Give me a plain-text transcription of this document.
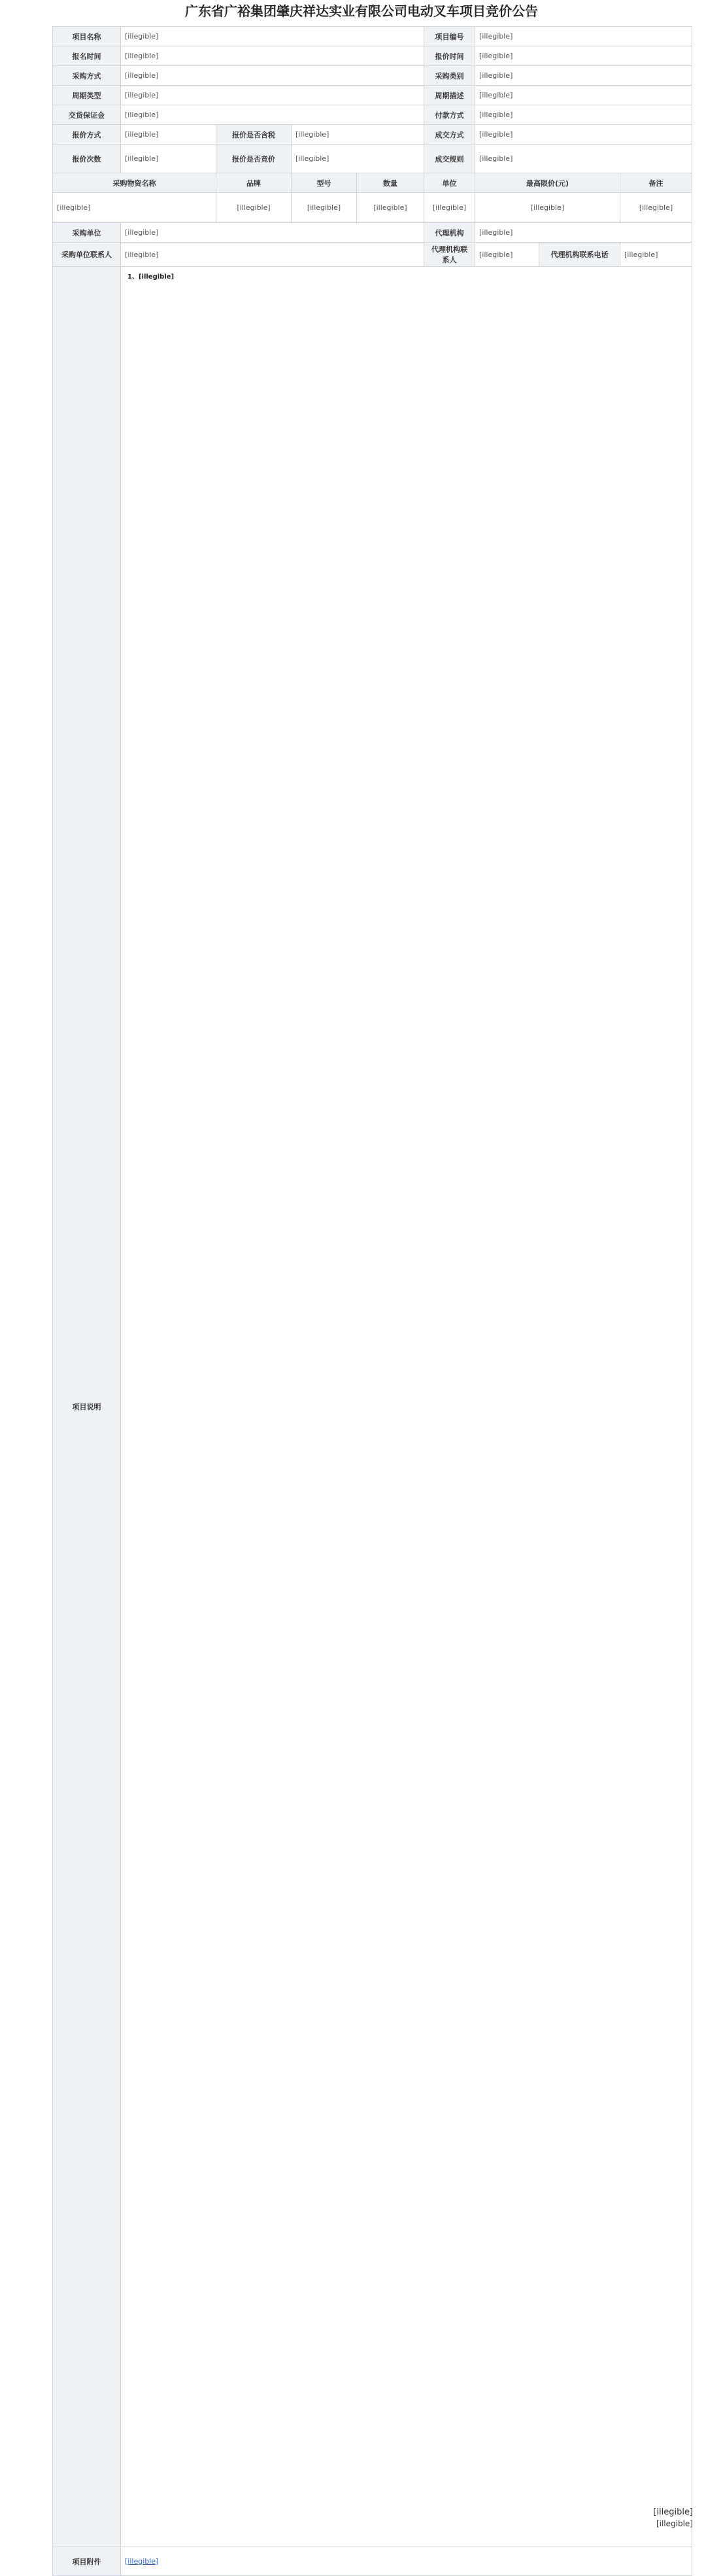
广东省广裕集团肇庆祥达实业有限公司电动叉车项目竞价公告
项目名称	[illegible]				项目编号	[illegible]		
报名时间	[illegible]				报价时间	[illegible]		
采购方式	[illegible]				采购类别	[illegible]		
周期类型	[illegible]				周期描述	[illegible]		
交货保证金	[illegible]				付款方式	[illegible]		
报价方式	[illegible]	报价是否含税	[illegible]		成交方式	[illegible]		
报价次数	[illegible]	报价是否竞价	[illegible]		成交规则	[illegible]		
采购物资名称		品牌	型号	数量	单位	最高限价(元)		备注
[illegible]		[illegible]	[illegible]	[illegible]	[illegible]	[illegible]		[illegible]
采购单位	[illegible]				代理机构	[illegible]		
采购单位联系人	[illegible]				代理机构联系人	[illegible]	代理机构联系电话	[illegible]
项目说明	1、[illegible]							

项目附件	[illegible]							
[illegible]
[illegible]
